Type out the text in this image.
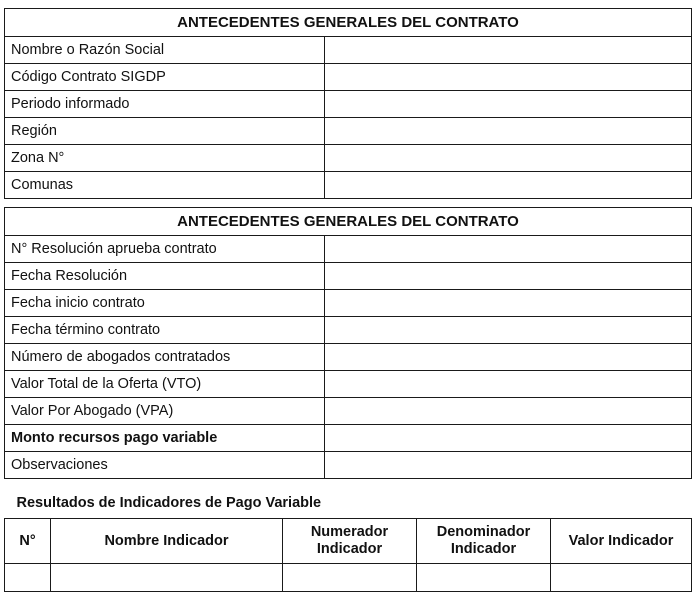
ANTECEDENTES GENERALES DEL CONTRATO	
Nombre o Razón Social	
Código Contrato SIGDP	
Periodo informado	
Región	
Zona N°	
Comunas	
ANTECEDENTES GENERALES DEL CONTRATO	
N° Resolución aprueba contrato	
Fecha Resolución	
Fecha inicio contrato	
Fecha término contrato	
Número de abogados contratados	
Valor Total de la Oferta (VTO)	
Valor Por Abogado (VPA)	
Monto recursos pago variable	
Observaciones	
Resultados de Indicadores de Pago Variable				
N°	Nombre Indicador	Numerador Indicador	Denominador Indicador	Valor Indicador
